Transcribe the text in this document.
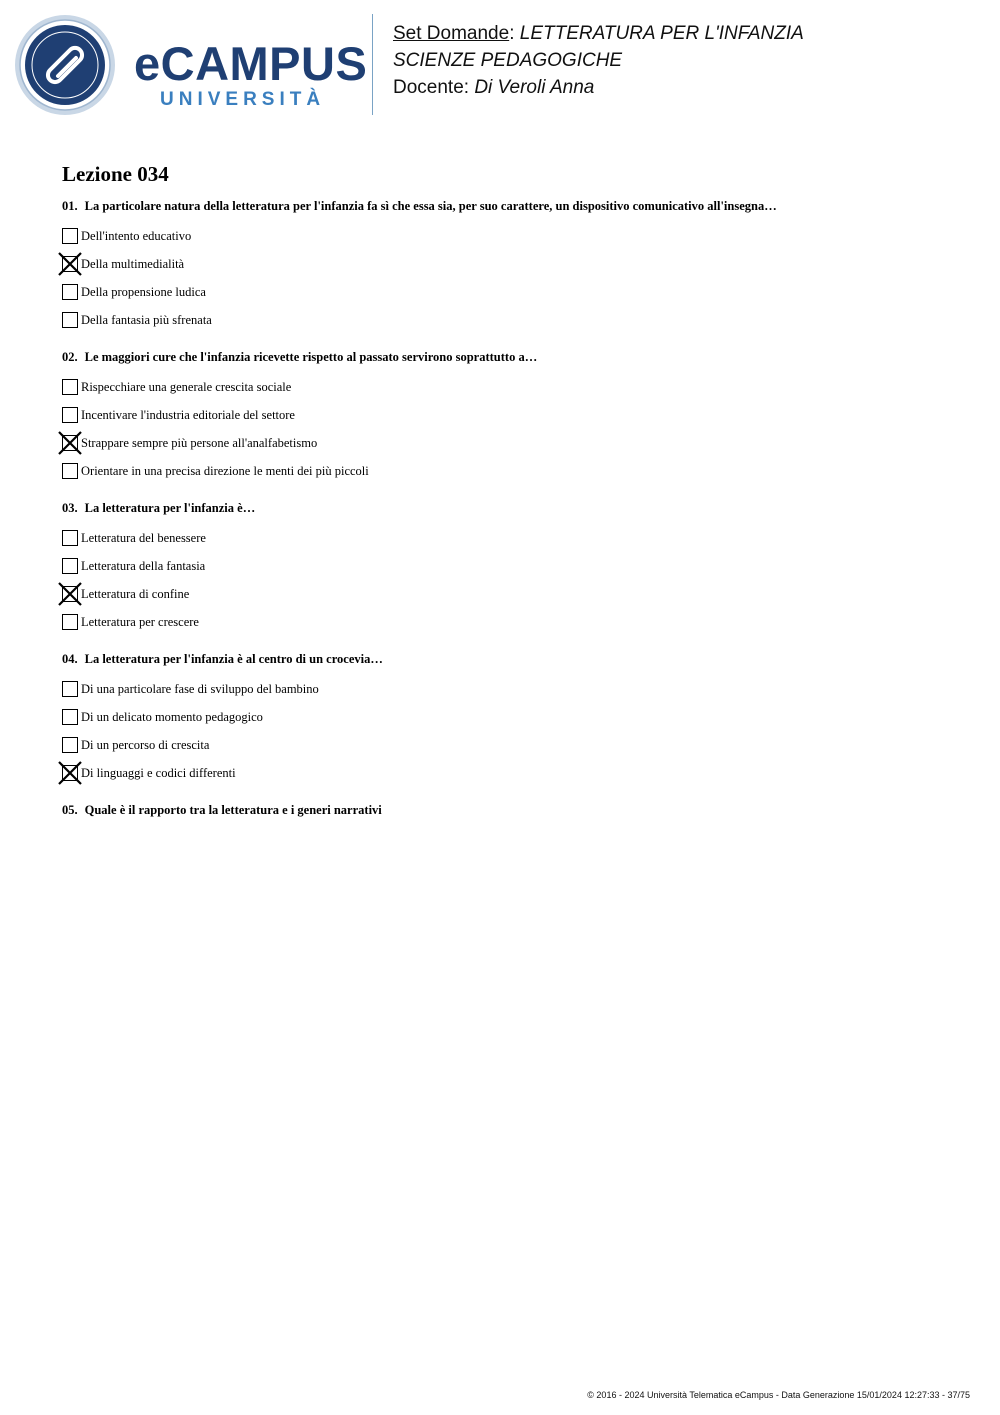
eCAMPUS
UNIVERSITÀ
Set Domande: LETTERATURA PER L'INFANZIA
SCIENZE PEDAGOGICHE
Docente: Di Veroli Anna
Lezione 034
01. La particolare natura della letteratura per l'infanzia fa sì che essa sia, per suo carattere, un dispositivo comunicativo all'insegna…
Dell'intento educativo
Della multimedialità
Della propensione ludica
Della fantasia più sfrenata
02. Le maggiori cure che l'infanzia ricevette rispetto al passato servirono soprattutto a…
Rispecchiare una generale crescita sociale
Incentivare l'industria editoriale del settore
Strappare sempre più persone all'analfabetismo
Orientare in una precisa direzione le menti dei più piccoli
03. La letteratura per l'infanzia è…
Letteratura del benessere
Letteratura della fantasia
Letteratura di confine
Letteratura per crescere
04. La letteratura per l'infanzia è al centro di un crocevia…
Di una particolare fase di sviluppo del bambino
Di un delicato momento pedagogico
Di un percorso di crescita
Di linguaggi e codici differenti
05. Quale è il rapporto tra la letteratura e i generi narrativi
© 2016 - 2024 Università Telematica eCampus - Data Generazione 15/01/2024 12:27:33 - 37/75
